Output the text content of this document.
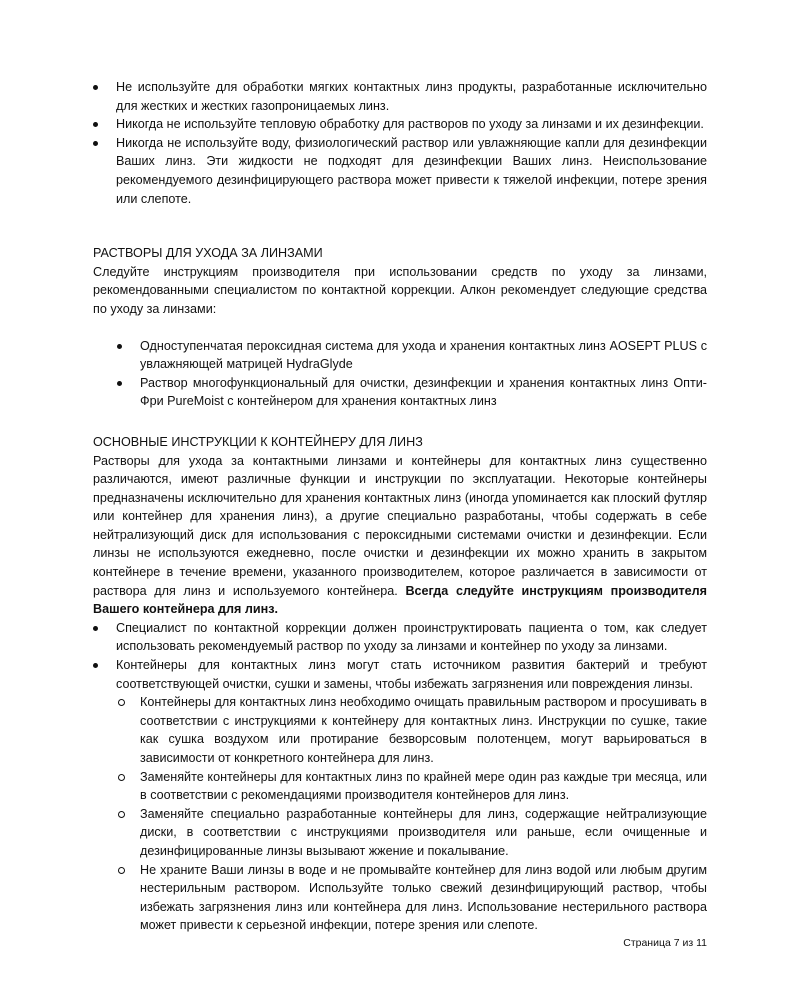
Не используйте для обработки мягких контактных линз продукты, разработанные исключительно для жестких и жестких газопроницаемых линз.
Никогда не используйте тепловую обработку для растворов по уходу за линзами и их дезинфекции.
Никогда не используйте воду, физиологический раствор или увлажняющие капли для дезинфекции Ваших линз. Эти жидкости не подходят для дезинфекции Ваших линз. Неиспользование рекомендуемого дезинфицирующего раствора может привести к тяжелой инфекции, потере зрения или слепоте.

РАСТВОРЫ ДЛЯ УХОДА ЗА ЛИНЗАМИ

Следуйте инструкциям производителя при использовании средств по уходу за линзами, рекомендованными специалистом по контактной коррекции. Алкон рекомендует следующие средства по уходу за линзами:

Одноступенчатая пероксидная система для ухода и хранения контактных линз AOSEPT PLUS с увлажняющей матрицей HydraGlyde
Раствор многофункциональный для очистки, дезинфекции и хранения контактных линз Опти-Фри PureMoist с контейнером для хранения контактных линз

ОСНОВНЫЕ ИНСТРУКЦИИ К КОНТЕЙНЕРУ ДЛЯ ЛИНЗ

Растворы для ухода за контактными линзами и контейнеры для контактных линз существенно различаются, имеют различные функции и инструкции по эксплуатации. Некоторые контейнеры предназначены исключительно для хранения контактных линз (иногда упоминается как плоский футляр или контейнер для хранения линз), а другие специально разработаны, чтобы содержать в себе нейтрализующий диск для использования с пероксидными системами очистки и дезинфекции. Если линзы не используются ежедневно, после очистки и дезинфекции их можно хранить в закрытом контейнере в течение времени, указанного производителем, которое различается в зависимости от раствора для линз и используемого контейнера. Всегда следуйте инструкциям производителя Вашего контейнера для линз.

Специалист по контактной коррекции должен проинструктировать пациента о том, как следует использовать рекомендуемый раствор по уходу за линзами и контейнер по уходу за линзами.
Контейнеры для контактных линз могут стать источником развития бактерий и требуют соответствующей очистки, сушки и замены, чтобы избежать загрязнения или повреждения линзы.
Контейнеры для контактных линз необходимо очищать правильным раствором и просушивать в соответствии с инструкциями к контейнеру для контактных линз. Инструкции по сушке, такие как сушка воздухом или протирание безворсовым полотенцем, могут варьироваться в зависимости от конкретного контейнера для линз.
Заменяйте контейнеры для контактных линз по крайней мере один раз каждые три месяца, или в соответствии с рекомендациями производителя контейнеров для линз.
Заменяйте специально разработанные контейнеры для линз, содержащие нейтрализующие диски, в соответствии с инструкциями производителя или раньше, если очищенные и дезинфицированные линзы вызывают жжение и покалывание.
Не храните Ваши линзы в воде и не промывайте контейнер для линз водой или любым другим нестерильным раствором. Используйте только свежий дезинфицирующий раствор, чтобы избежать загрязнения линз или контейнера для линз. Использование нестерильного раствора может привести к серьезной инфекции, потере зрения или слепоте.
Страница 7 из 11
